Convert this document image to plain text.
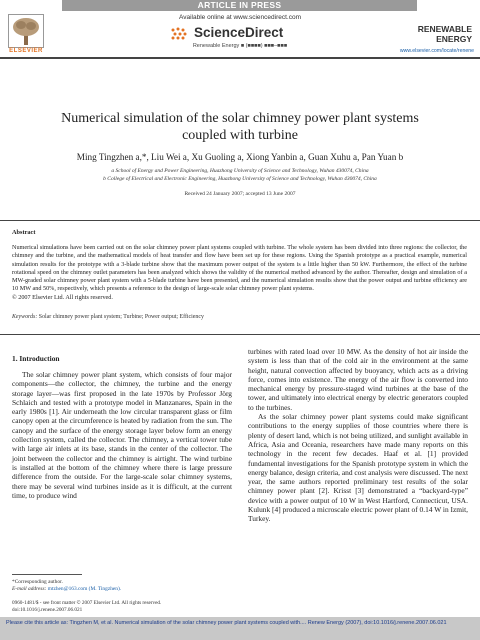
ARTICLE IN PRESS
Available online at www.sciencedirect.com
ScienceDirect
Renewable Energy ■ (■■■■) ■■■–■■■
ELSEVIER
RENEWABLE
ENERGY
www.elsevier.com/locate/renene
Numerical simulation of the solar chimney power plant systems
coupled with turbine
Ming Tingzhen a,*, Liu Wei a, Xu Guoling a, Xiong Yanbin a, Guan Xuhu a, Pan Yuan b
a School of Energy and Power Engineering, Huazhong University of Science and Technology, Wuhan 430074, China
b College of Electrical and Electronic Engineering, Huazhong University of Science and Technology, Wuhan 430074, China
Received 24 January 2007; accepted 13 June 2007
Abstract
Numerical simulations have been carried out on the solar chimney power plant systems coupled with turbine. The whole system has been divided into three regions: the collector, the chimney and the turbine, and the mathematical models of heat transfer and flow have been set up for these regions. Using the Spanish prototype as a practical example, numerical simulation results for the prototype with a 3-blade turbine show that the maximum power output of the system is a little higher than 50 kW. Furthermore, the effect of the turbine rotational speed on the chimney outlet parameters has been analyzed which shows the validity of the numerical method advanced by the author. Thereafter, design and simulation of a MW-graded solar chimney power plant system with a 5-blade turbine have been presented, and the numerical simulation results show that the power output and turbine efficiency are 10 MW and 50%, respectively, which presents a reference to the design of large-scale solar chimney power plant systems.
© 2007 Elsevier Ltd. All rights reserved.
Keywords: Solar chimney power plant system; Turbine; Power output; Efficiency
1. Introduction

The solar chimney power plant system, which consists of four major components—the collector, the chimney, the turbine and the energy storage layer—was first proposed in the late 1970s by Professor Jörg Schlaich and tested with a prototype model in Manzanares, Spain in the early 1980s [1]. Air underneath the low circular transparent glass or film canopy open at the circumference is heated by radiation from the sun. The canopy and the surface of the energy storage layer below form an energy collection system, called the collector. The chimney, a vertical tower tube with large air inlets at its base, stands in the center of the collector. The joint between the collector and the chimney is airtight. The wind turbine is installed at the bottom of the chimney where there is large pressure difference from the outside. For the large-scale solar chimney systems, there may be several wind turbines inside as it is difficult, at the current time, to produce wind

turbines with rated load over 10 MW. As the density of hot air inside the system is less than that of the cold air in the environment at the same height, natural convection affected by buoyancy, which acts as a driving force, comes into existence. The energy of the air flow is converted into mechanical energy by pressure-staged wind turbines at the base of the tower, and ultimately into electrical energy by electric generators coupled to the turbines.

As the solar chimney power plant systems could make significant contributions to the energy supplies of those countries where there is plenty of desert land, which is not being utilized, and sunlight available in Africa, Asia and Oceania, researchers have made many reports on this technology in the recent few decades. Haaf et al. [1] provided fundamental investigations for the Spanish prototype system in which the energy balance, design criteria, and cost analysis were discussed. The next year, the same authors reported preliminary test results of the solar chimney power plant [2]. Krisst [3] demonstrated a “backyard-type” device with a power output of 10 W in West Hartford, Connecticut, USA. Kulunk [4] produced a microscale electric power plant of 0.14 W in Izmit, Turkey.

*Corresponding author.
E-mail address: mtzhen@163.com (M. Tingzhen).
0960-1481/$ - see front matter © 2007 Elsevier Ltd. All rights reserved.
doi:10.1016/j.renene.2007.06.021
Please cite this article as: Tingzhen M, et al. Numerical simulation of the solar chimney power plant systems coupled with.... Renew Energy (2007), doi:10.1016/j.renene.2007.06.021
